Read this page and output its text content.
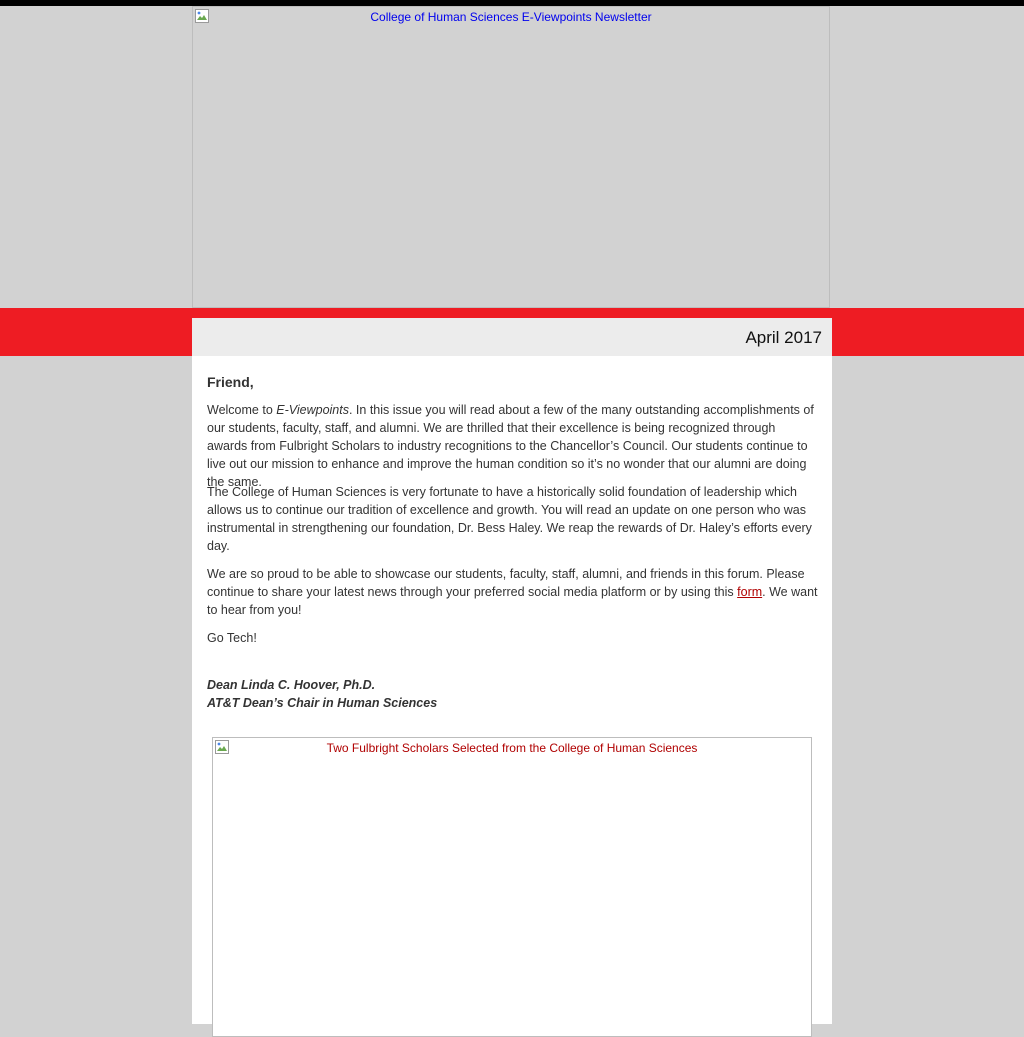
College of Human Sciences E-Viewpoints Newsletter
April 2017
Friend,

Welcome to E-Viewpoints. In this issue you will read about a few of the many outstanding accomplishments of our students, faculty, staff, and alumni. We are thrilled that their excellence is being recognized through awards from Fulbright Scholars to industry recognitions to the Chancellor’s Council. Our students continue to live out our mission to enhance and improve the human condition so it’s no wonder that our alumni are doing the same.

The College of Human Sciences is very fortunate to have a historically solid foundation of leadership which allows us to continue our tradition of excellence and growth. You will read an update on one person who was instrumental in strengthening our foundation, Dr. Bess Haley. We reap the rewards of Dr. Haley’s efforts every day.

We are so proud to be able to showcase our students, faculty, staff, alumni, and friends in this forum. Please continue to share your latest news through your preferred social media platform or by using this form. We want to hear from you!

Go Tech!

Dean Linda C. Hoover, Ph.D.
AT&T Dean’s Chair in Human Sciences
Two Fulbright Scholars Selected from the College of Human Sciences
